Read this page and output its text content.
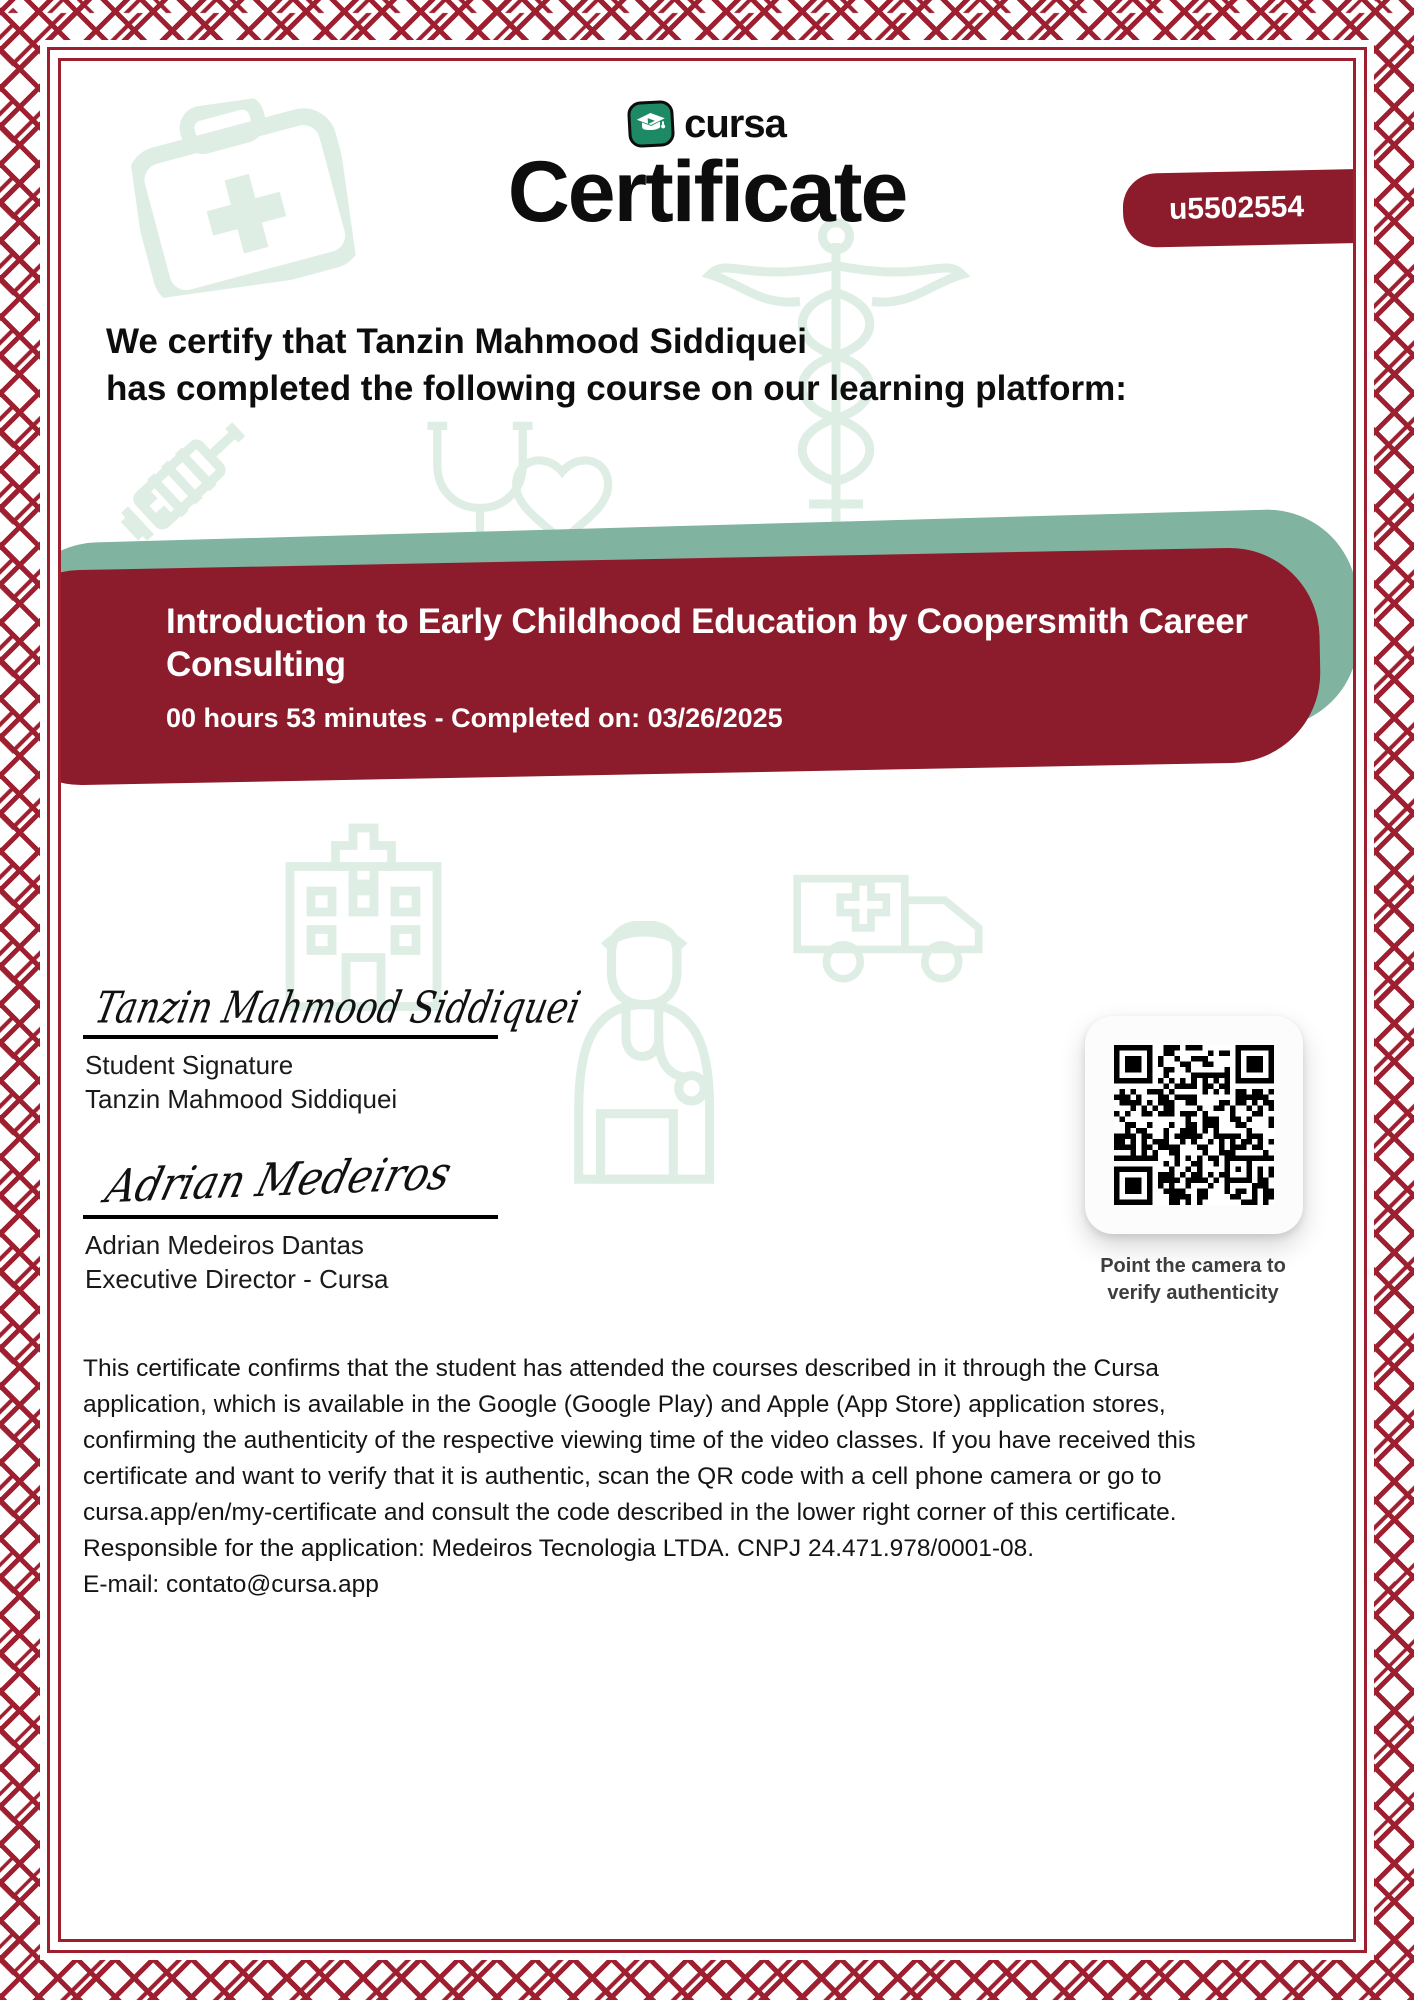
cursa
Certificate	u5502554
We certify that Tanzin Mahmood Siddiquei
has completed the following course on our learning platform:
Introduction to Early Childhood Education by Coopersmith Career Consulting
00 hours 53 minutes - Completed on: 03/26/2025
Tanzin Mahmood Siddiquei
Student Signature
Tanzin Mahmood Siddiquei
Adrian Medeiros
Adrian Medeiros Dantas
Executive Director - Cursa	Point the camera to
verify authenticity

This certificate confirms that the student has attended the courses described in it through the Cursa

application, which is available in the Google (Google Play) and Apple (App Store) application stores,

confirming the authenticity of the respective viewing time of the video classes. If you have received this

certificate and want to verify that it is authentic, scan the QR code with a cell phone camera or go to

cursa.app/en/my-certificate and consult the code described in the lower right corner of this certificate.

Responsible for the application: Medeiros Tecnologia LTDA. CNPJ 24.471.978/0001-08.

E-mail: contato@cursa.app
